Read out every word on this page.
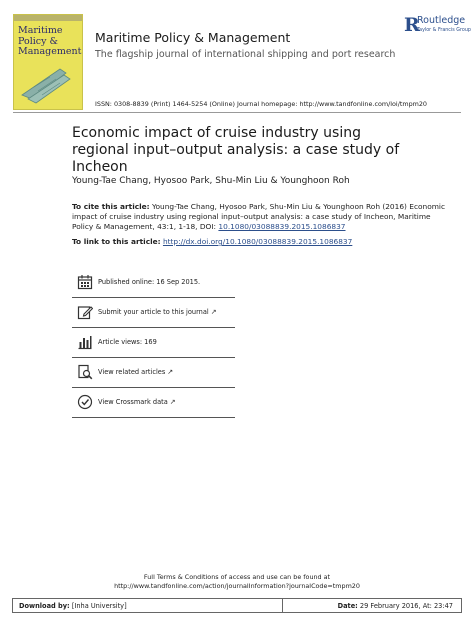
Maritime Policy & Management
Maritime Policy & Management
The flagship journal of international shipping and port research
R
Routledge
Taylor & Francis Group
ISSN: 0308-8839 (Print) 1464-5254 (Online) Journal homepage: http://www.tandfonline.com/loi/tmpm20
Economic impact of cruise industry using regional input–output analysis: a case study of Incheon
Young-Tae Chang, Hyosoo Park, Shu-Min Liu & Younghoon Roh
To cite this article: Young-Tae Chang, Hyosoo Park, Shu-Min Liu & Younghoon Roh (2016) Economic impact of cruise industry using regional input–output analysis: a case study of Incheon, Maritime Policy & Management, 43:1, 1-18, DOI: 10.1080/03088839.2015.1086837
To link to this article: http://dx.doi.org/10.1080/03088839.2015.1086837
Published online: 16 Sep 2015.
Submit your article to this journal ↗
Article views: 169
View related articles ↗
View Crossmark data ↗
Full Terms & Conditions of access and use can be found at
http://www.tandfonline.com/action/journalInformation?journalCode=tmpm20
Download by: [Inha University]	Date: 29 February 2016, At: 23:47
